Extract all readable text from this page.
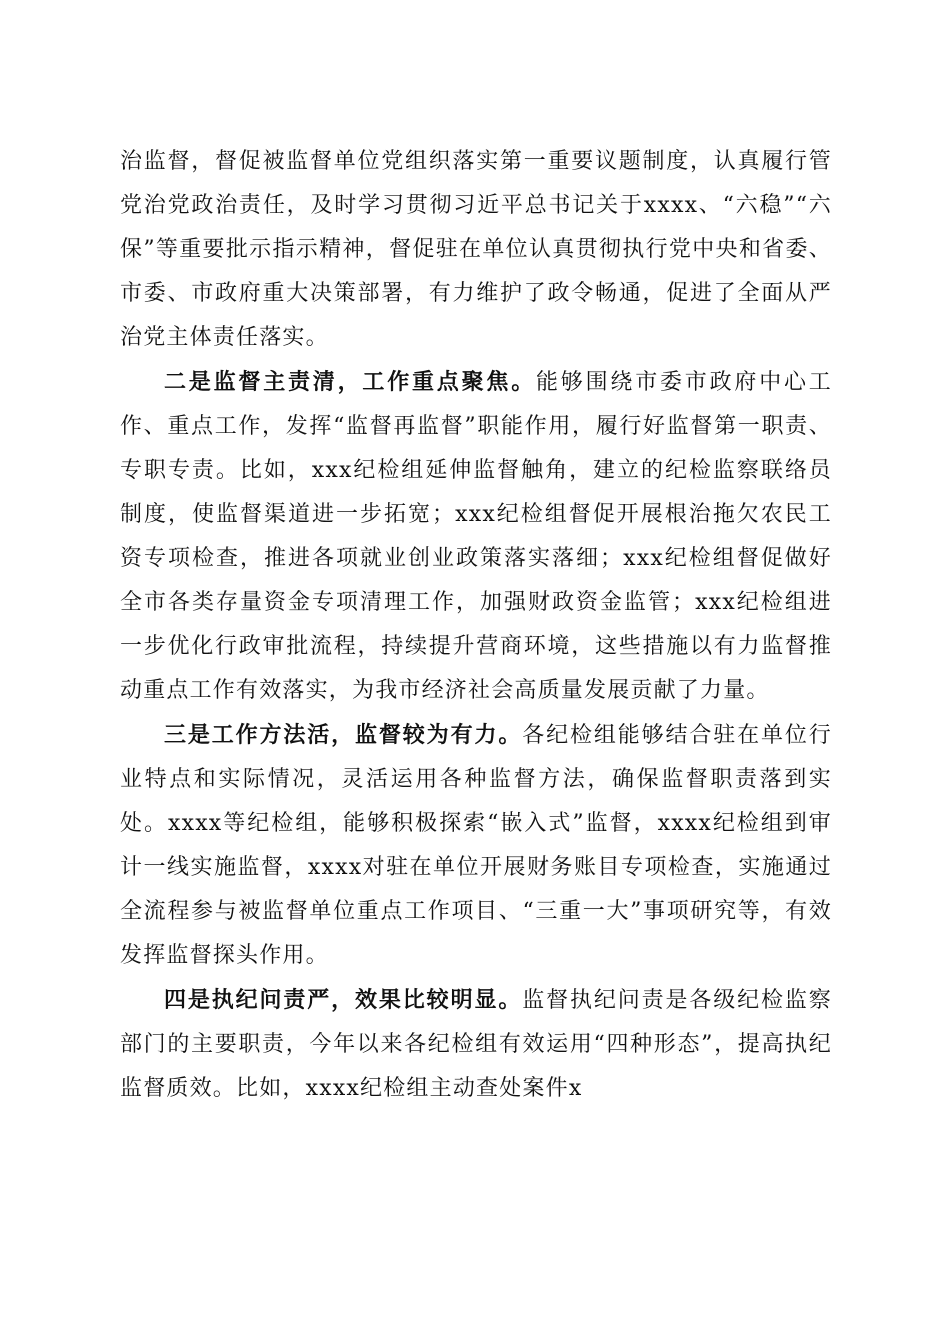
治监督，督促被监督单位党组织落实第一重要议题制度，认真履行管党治党政治责任，及时学习贯彻习近平总书记关于xxxx、“六稳”“六保”等重要批示指示精神，督促驻在单位认真贯彻执行党中央和省委、市委、市政府重大决策部署，有力维护了政令畅通，促进了全面从严治党主体责任落实。

二是监督主责清，工作重点聚焦。能够围绕市委市政府中心工作、重点工作，发挥“监督再监督”职能作用，履行好监督第一职责、专职专责。比如，xxx纪检组延伸监督触角，建立的纪检监察联络员制度，使监督渠道进一步拓宽；xxx纪检组督促开展根治拖欠农民工资专项检查，推进各项就业创业政策落实落细；xxx纪检组督促做好全市各类存量资金专项清理工作，加强财政资金监管；xxx纪检组进一步优化行政审批流程，持续提升营商环境，这些措施以有力监督推动重点工作有效落实，为我市经济社会高质量发展贡献了力量。

三是工作方法活，监督较为有力。各纪检组能够结合驻在单位行业特点和实际情况，灵活运用各种监督方法，确保监督职责落到实处。xxxx等纪检组，能够积极探索“嵌入式”监督，xxxx纪检组到审计一线实施监督，xxxx对驻在单位开展财务账目专项检查，实施通过全流程参与被监督单位重点工作项目、“三重一大”事项研究等，有效发挥监督探头作用。

四是执纪问责严，效果比较明显。监督执纪问责是各级纪检监察部门的主要职责，今年以来各纪检组有效运用“四种形态”，提高执纪监督质效。比如，xxxx纪检组主动查处案件x
